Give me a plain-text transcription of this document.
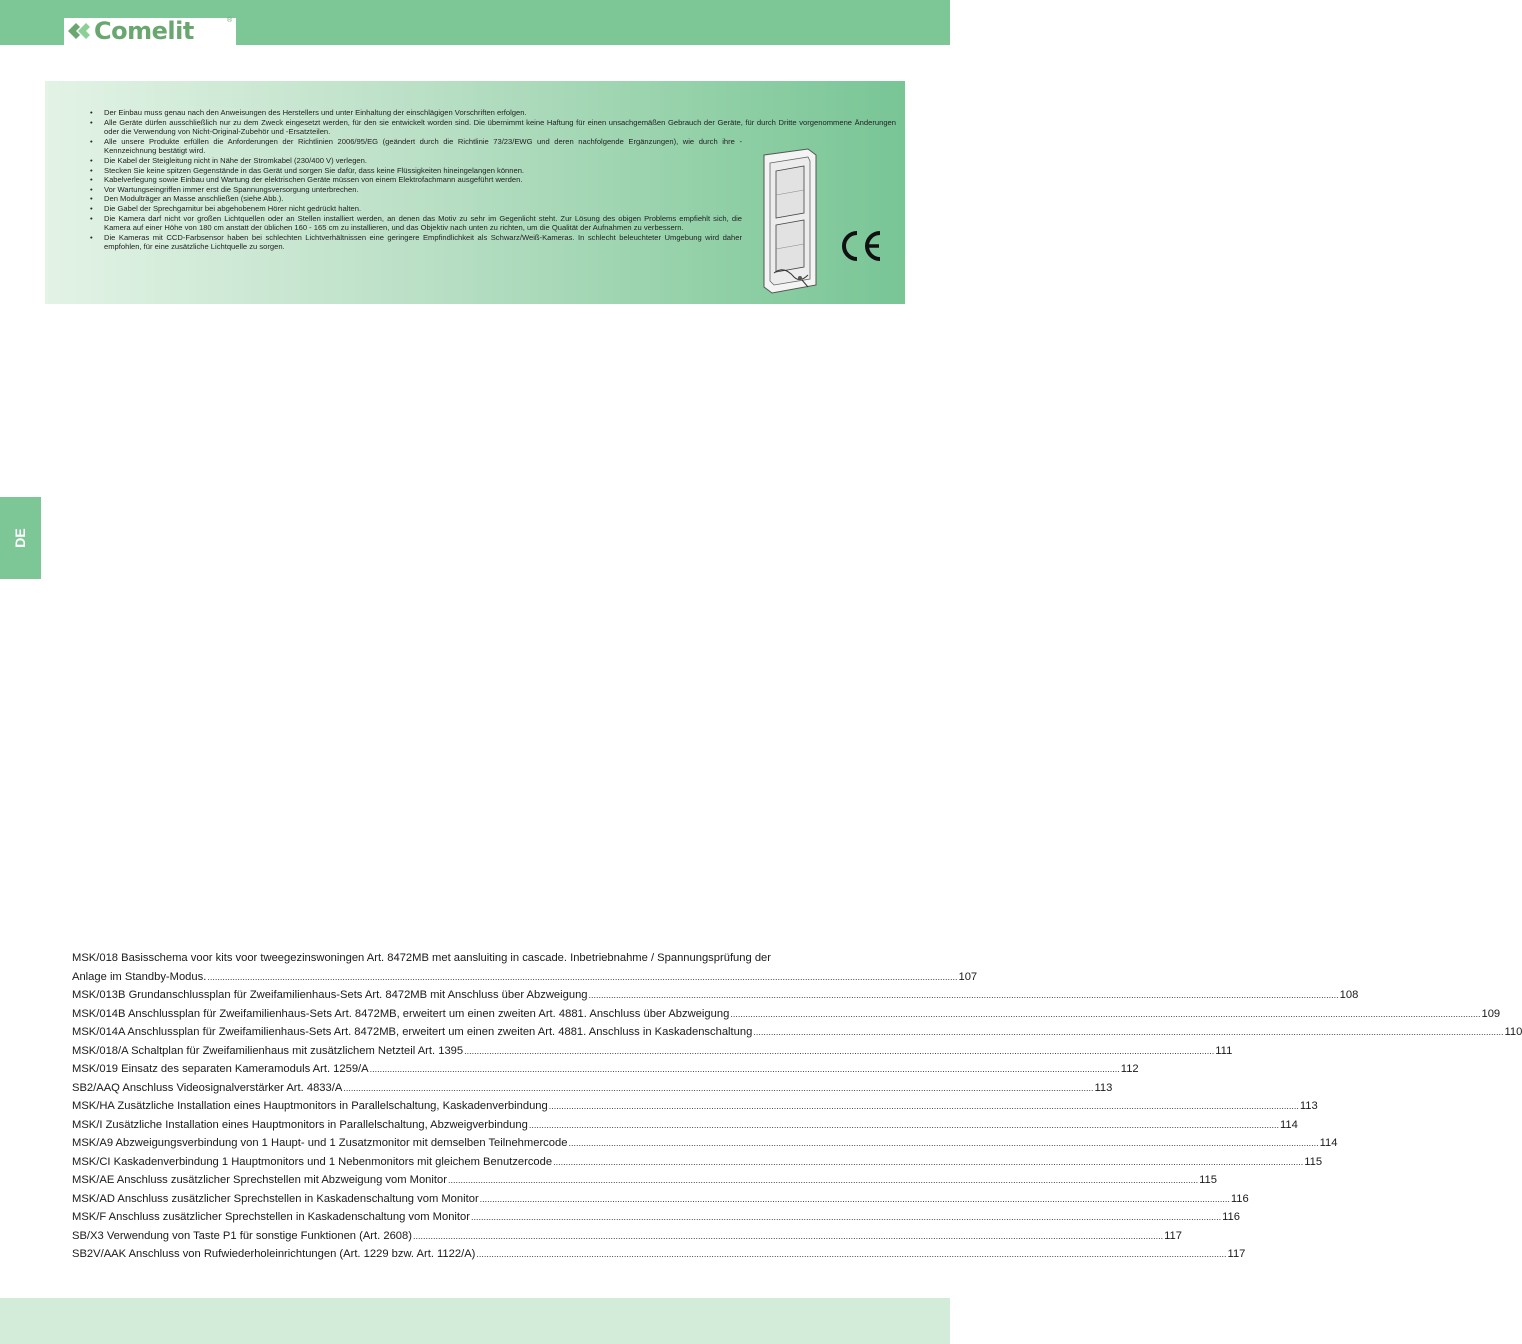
Comelit	®
• Der Einbau muss genau nach den Anweisungen des Herstellers und unter Einhaltung der einschlägigen Vorschriften erfolgen.
• Alle Geräte dürfen ausschließlich nur zu dem Zweck eingesetzt werden, für den sie entwickelt worden sind. Die übernimmt keine Haftung für einen unsachgemäßen Gebrauch der Geräte, für durch Dritte vorgenommene Änderungen oder die Verwendung von Nicht-Original-Zubehör und -Ersatzteilen.
• Alle unsere Produkte erfüllen die Anforderungen der Richtlinien 2006/95/EG (geändert durch die Richtlinie 73/23/EWG und deren nachfolgende Ergänzungen), wie durch ihre -Kennzeichnung bestätigt wird.
• Die Kabel der Steigleitung nicht in Nähe der Stromkabel (230/400 V) verlegen.
• Stecken Sie keine spitzen Gegenstände in das Gerät und sorgen Sie dafür, dass keine Flüssigkeiten hineingelangen können.
• Kabelverlegung sowie Einbau und Wartung der elektrischen Geräte müssen von einem Elektrofachmann ausgeführt werden.
• Vor Wartungseingriffen immer erst die Spannungsversorgung unterbrechen.
• Den Modulträger an Masse anschließen (siehe Abb.).
• Die Gabel der Sprechgarnitur bei abgehobenem Hörer nicht gedrückt halten.
• Die Kamera darf nicht vor großen Lichtquellen oder an Stellen installiert werden, an denen das Motiv zu sehr im Gegenlicht steht. Zur Lösung des obigen Problems empfiehlt sich, die Kamera auf einer Höhe von 180 cm anstatt der üblichen 160 - 165 cm zu installieren, und das Objektiv nach unten zu richten, um die Qualität der Aufnahmen zu verbessern.
• Die Kameras mit CCD-Farbsensor haben bei schlechten Lichtverhältnissen eine geringere Empfindlichkeit als Schwarz/Weiß-Kameras. In schlecht beleuchteter Umgebung wird daher empfohlen, für eine zusätzliche Lichtquelle zu sorgen.
DE

MSK/018 Basisschema voor kits voor tweegezinswoningen Art. 8472MB met aansluiting in cascade. Inbetriebnahme / Spannungsprüfung der

Anlage im Standby-Modus. ............................................................................................................................................................................................................................................................................................................ 107
MSK/013B Grundanschlussplan für Zweifamilienhaus-Sets Art. 8472MB mit Anschluss über Abzweigung ............................................................................................................................................................................................................................................................................................................ 108
MSK/014B Anschlussplan für Zweifamilienhaus-Sets Art. 8472MB, erweitert um einen zweiten Art. 4881. Anschluss über Abzweigung ............................................................................................................................................................................................................................................................................................................ 109
MSK/014A Anschlussplan für Zweifamilienhaus-Sets Art. 8472MB, erweitert um einen zweiten Art. 4881. Anschluss in Kaskadenschaltung ............................................................................................................................................................................................................................................................................................................ 110
MSK/018/A Schaltplan für Zweifamilienhaus mit zusätzlichem Netzteil Art. 1395 ............................................................................................................................................................................................................................................................................................................ 111
MSK/019 Einsatz des separaten Kameramoduls Art. 1259/A ............................................................................................................................................................................................................................................................................................................ 112
SB2/AAQ Anschluss Videosignalverstärker Art. 4833/A ............................................................................................................................................................................................................................................................................................................ 113
MSK/HA Zusätzliche Installation eines Hauptmonitors in Parallelschaltung, Kaskadenverbindung ............................................................................................................................................................................................................................................................................................................ 113
MSK/I Zusätzliche Installation eines Hauptmonitors in Parallelschaltung, Abzweigverbindung ............................................................................................................................................................................................................................................................................................................ 114
MSK/A9 Abzweigungsverbindung von 1 Haupt- und 1 Zusatzmonitor mit demselben Teilnehmercode ............................................................................................................................................................................................................................................................................................................ 114
MSK/CI Kaskadenverbindung 1 Hauptmonitors und 1 Nebenmonitors mit gleichem Benutzercode ............................................................................................................................................................................................................................................................................................................ 115
MSK/AE Anschluss zusätzlicher Sprechstellen mit Abzweigung vom Monitor ............................................................................................................................................................................................................................................................................................................ 115
MSK/AD Anschluss zusätzlicher Sprechstellen in Kaskadenschaltung vom Monitor ............................................................................................................................................................................................................................................................................................................ 116
MSK/F Anschluss zusätzlicher Sprechstellen in Kaskadenschaltung vom Monitor ............................................................................................................................................................................................................................................................................................................ 116
SB/X3 Verwendung von Taste P1 für sonstige Funktionen (Art. 2608) ............................................................................................................................................................................................................................................................................................................ 117
SB2V/AAK Anschluss von Rufwiederholeinrichtungen (Art. 1229 bzw. Art. 1122/A) ............................................................................................................................................................................................................................................................................................................ 117
